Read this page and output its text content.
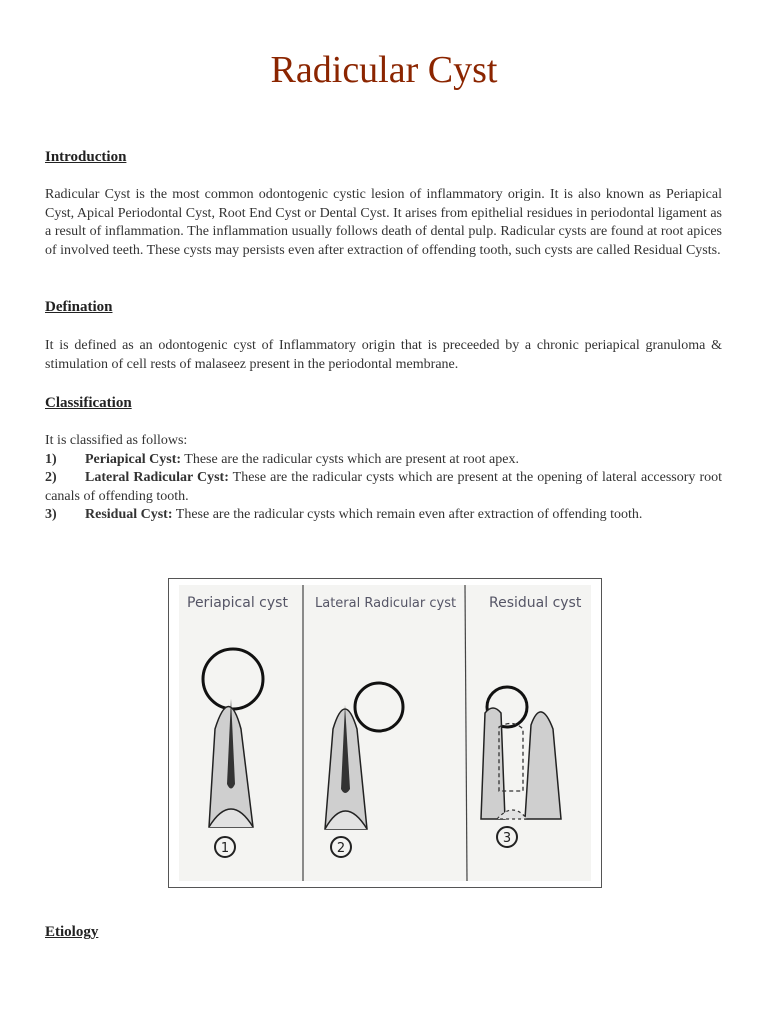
Radicular Cyst
Introduction

Radicular Cyst is the most common odontogenic cystic lesion of inflammatory origin. It is also known as Periapical Cyst, Apical Periodontal Cyst, Root End Cyst or Dental Cyst. It arises from epithelial residues in periodontal ligament as a result of inflammation. The inflammation usually follows death of dental pulp. Radicular cysts are found at root apices of involved teeth. These cysts may persists even after extraction of offending tooth, such cysts are called Residual Cysts.

Defination

It is defined as an odontogenic cyst of Inflammatory origin that is preceeded by a chronic periapical granuloma & stimulation of cell rests of malaseez present in the periodontal membrane.

Classification
It is classified as follows:
1) Periapical Cyst: These are the radicular cysts which are present at root apex.
2) Lateral Radicular Cyst: These are the radicular cysts which are present at the opening of lateral accessory root canals of offending tooth.
3) Residual Cyst: These are the radicular cysts which remain even after extraction of offending tooth.
Periapical cyst Lateral Radicular cyst Residual cyst
1	2
3
Etiology
